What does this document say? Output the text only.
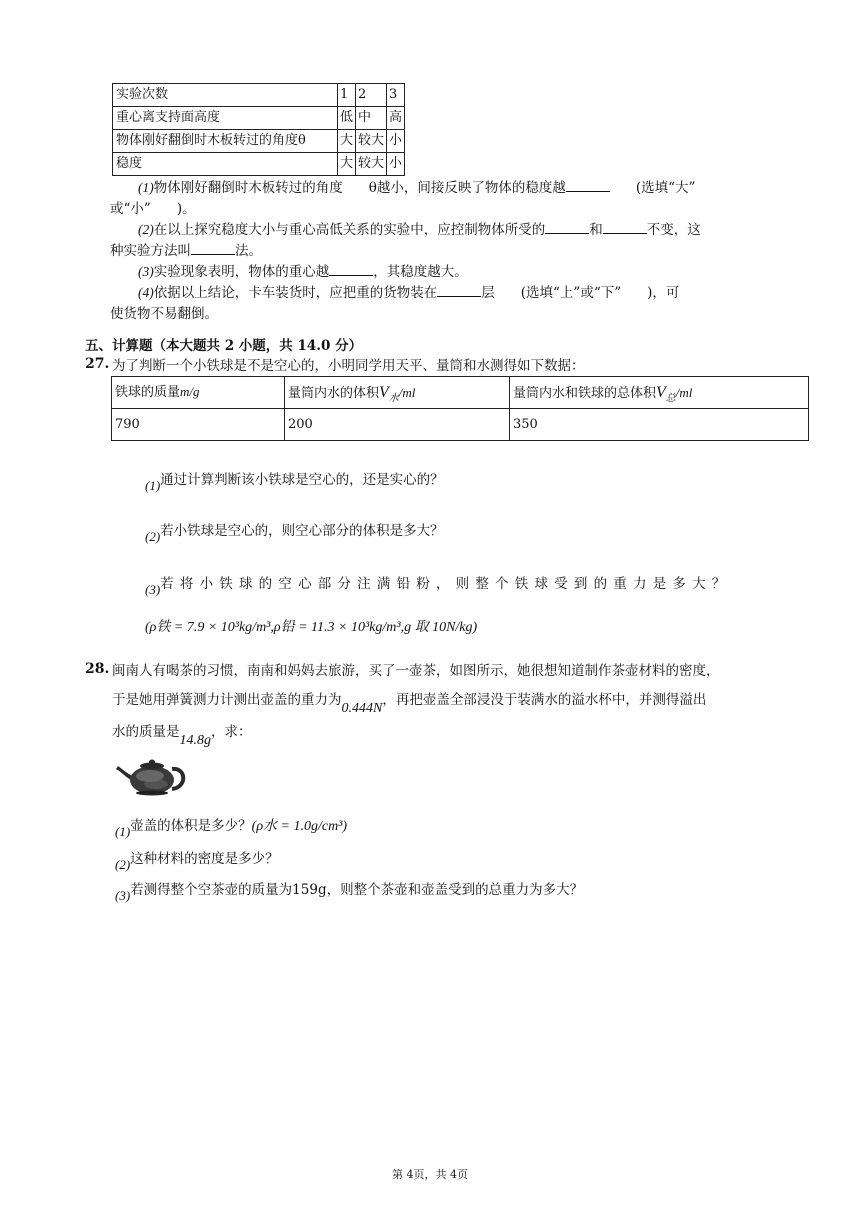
实验次数	1	2	3
重心离支持面高度	低	中	高
物体刚好翻倒时木板转过的角度θ	大	较大	小
稳度	大	较大	小
(1)物体刚好翻倒时木板转过的角度 θ越小，间接反映了物体的稳度越	(选填“大”
或“小” )。
(2)在以上探究稳度大小与重心高低关系的实验中，应控制物体所受的	和	不变，这
种实验方法叫	法。
(3)实验现象表明，物体的重心越	，其稳度越大。
(4)依据以上结论，卡车装货时，应把重的货物装在	层 (选填“上”或“下” )，可
使货物不易翻倒。
五、计算题（本大题共 2 小题，共 14.0 分）
27. 为了判断一个小铁球是不是空心的，小明同学用天平、量筒和水测得如下数据：
铁球的质量m/g	量筒内水的体积$V_水/ml$	量筒内水和铁球的总体积$V_总/ml$
790	200	350
(1)通过计算判断该小铁球是空心的，还是实心的？
(2)若小铁球是空心的，则空心部分的体积是多大？
(3)若将小铁球的空心部分注满铅粉，则整个铁球受到的重力是多大？
(ρ铁 = 7.9 × 10³kg/m³,ρ铅 = 11.3 × 10³kg/m³,g 取 10N/kg)
28. 闽南人有喝茶的习惯，南南和妈妈去旅游，买了一壶茶，如图所示，她很想知道制作茶壶材料的密度，
于是她用弹簧测力计测出壶盖的重力为0.444N，再把壶盖全部浸没于装满水的溢水杯中，并测得溢出
水的质量是14.8g，求：
(1)壶盖的体积是多少？(ρ水 = 1.0g/cm³)
(2)这种材料的密度是多少？
(3)若测得整个空茶壶的质量为159g，则整个茶壶和壶盖受到的总重力为多大？
第 4页，共 4页
